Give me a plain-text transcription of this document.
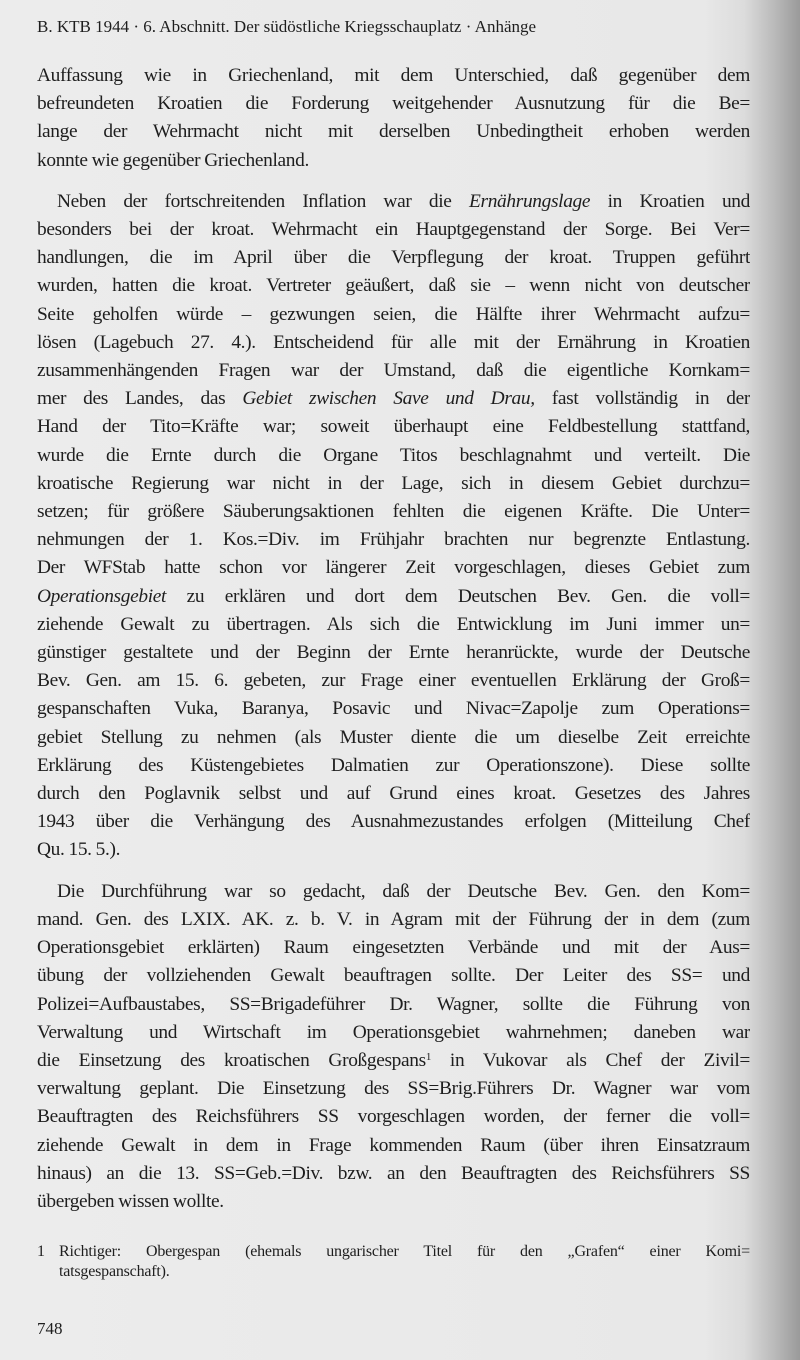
B. KTB 1944 · 6. Abschnitt. Der südöstliche Kriegsschauplatz · Anhänge
Auffassung wie in Griechenland, mit dem Unterschied, daß gegenüber dem
befreundeten Kroatien die Forderung weitgehender Ausnutzung für die Be=
lange der Wehrmacht nicht mit derselben Unbedingtheit erhoben werden
konnte wie gegenüber Griechenland.
Neben der fortschreitenden Inflation war die Ernährungslage in Kroatien und
besonders bei der kroat. Wehrmacht ein Hauptgegenstand der Sorge. Bei Ver=
handlungen, die im April über die Verpflegung der kroat. Truppen geführt
wurden, hatten die kroat. Vertreter geäußert, daß sie – wenn nicht von deutscher
Seite geholfen würde – gezwungen seien, die Hälfte ihrer Wehrmacht aufzu=
lösen (Lagebuch 27. 4.). Entscheidend für alle mit der Ernährung in Kroatien
zusammenhängenden Fragen war der Umstand, daß die eigentliche Kornkam=
mer des Landes, das Gebiet zwischen Save und Drau, fast vollständig in der
Hand der Tito=Kräfte war; soweit überhaupt eine Feldbestellung stattfand,
wurde die Ernte durch die Organe Titos beschlagnahmt und verteilt. Die
kroatische Regierung war nicht in der Lage, sich in diesem Gebiet durchzu=
setzen; für größere Säuberungsaktionen fehlten die eigenen Kräfte. Die Unter=
nehmungen der 1. Kos.=Div. im Frühjahr brachten nur begrenzte Entlastung.
Der WFStab hatte schon vor längerer Zeit vorgeschlagen, dieses Gebiet zum
Operationsgebiet zu erklären und dort dem Deutschen Bev. Gen. die voll=
ziehende Gewalt zu übertragen. Als sich die Entwicklung im Juni immer un=
günstiger gestaltete und der Beginn der Ernte heranrückte, wurde der Deutsche
Bev. Gen. am 15. 6. gebeten, zur Frage einer eventuellen Erklärung der Groß=
gespanschaften Vuka, Baranya, Posavic und Nivac=Zapolje zum Operations=
gebiet Stellung zu nehmen (als Muster diente die um dieselbe Zeit erreichte
Erklärung des Küstengebietes Dalmatien zur Operationszone). Diese sollte
durch den Poglavnik selbst und auf Grund eines kroat. Gesetzes des Jahres
1943 über die Verhängung des Ausnahmezustandes erfolgen (Mitteilung Chef
Qu. 15. 5.).
Die Durchführung war so gedacht, daß der Deutsche Bev. Gen. den Kom=
mand. Gen. des LXIX. AK. z. b. V. in Agram mit der Führung der in dem (zum
Operationsgebiet erklärten) Raum eingesetzten Verbände und mit der Aus=
übung der vollziehenden Gewalt beauftragen sollte. Der Leiter des SS= und
Polizei=Aufbaustabes, SS=Brigadeführer Dr. Wagner, sollte die Führung von
Verwaltung und Wirtschaft im Operationsgebiet wahrnehmen; daneben war
die Einsetzung des kroatischen Großgespans$^1$ in Vukovar als Chef der Zivil=
verwaltung geplant. Die Einsetzung des SS=Brig.Führers Dr. Wagner war vom
Beauftragten des Reichsführers SS vorgeschlagen worden, der ferner die voll=
ziehende Gewalt in dem in Frage kommenden Raum (über ihren Einsatzraum
hinaus) an die 13. SS=Geb.=Div. bzw. an den Beauftragten des Reichsführers SS
übergeben wissen wollte.
1 Richtiger: Obergespan (ehemals ungarischer Titel für den „Grafen“ einer Komi=
tatsgespanschaft).
748
